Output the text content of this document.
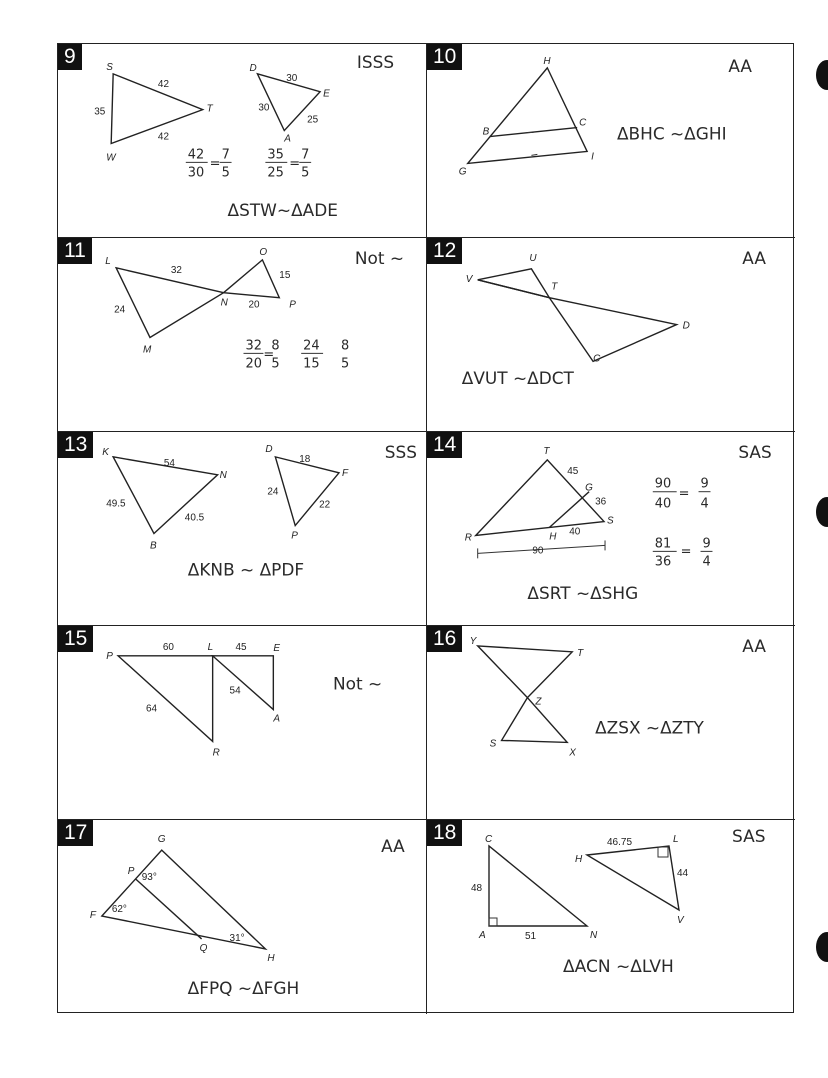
9	S
T
W
D
E
A
42
35
42
30
30
25
42
30
=
7
5
35
25
=
7
5
ISSS
ΔSTW~ΔADE
10	H
B
C
G
I
AA
ΔBHC ~ΔGHI
11	L
O
N	P
M
32	15
24	20
32
20
=
8
5
24
15
8
5
Not ~ 12
V
U
T
D
C
AA
ΔVUT ~ΔDCT
13	K
N
B
D
F
P
54
49.5
40.5
18
24
22
SSS
ΔKNB ~ ΔPDF
14	T
G
S
R	H
45
36
40
90
90
40
=
9
4
81
36
=
9
4
SAS
ΔSRT ~ΔSHG
15
P
L	E
A
R
60	45
54
64
Not ~
16	Y
T
Z
S
X
AA
ΔZSX ~ΔZTY
17	G
P
F
Q
H
93°
62°
31°
AA
ΔFPQ ~ΔFGH
18	C
A	N
H
L
V
48
51
46.75
44
SAS
ΔACN ~ΔLVH
